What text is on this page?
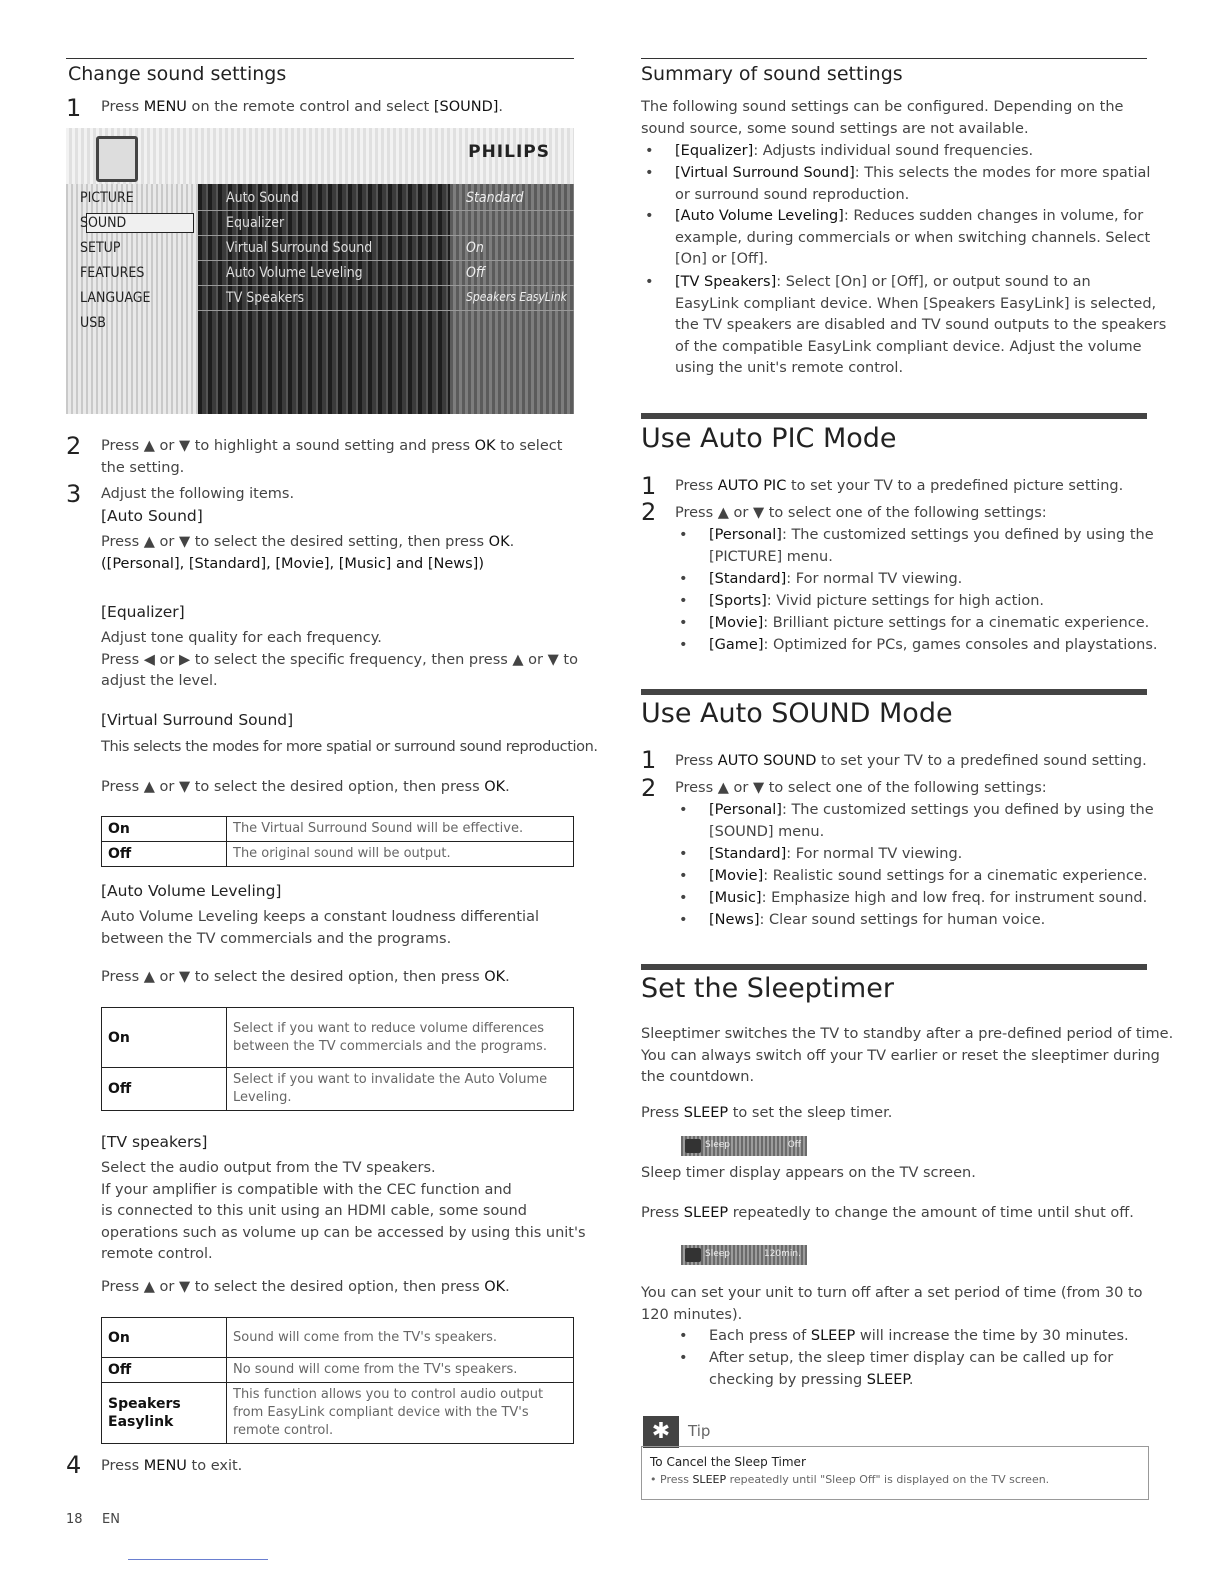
Change sound settings
1 Press MENU on the remote control and select [SOUND].
PHILIPS
PICTURE
SOUND
SETUP
FEATURES
LANGUAGE
USB
Auto Sound
Equalizer
Virtual Surround Sound
Auto Volume Leveling
TV Speakers
Standard
On
Off
Speakers EasyLink
2 Press ▲ or ▼ to highlight a sound setting and press OK to select
the setting.
3 Adjust the following items.
[Auto Sound]
Press ▲ or ▼ to select the desired setting, then press OK.
([Personal], [Standard], [Movie], [Music] and [News])
[Equalizer]
Adjust tone quality for each frequency.
Press ◀ or ▶ to select the specific frequency, then press ▲ or ▼ to
adjust the level.
[Virtual Surround Sound]
This selects the modes for more spatial or surround sound reproduction.
Press ▲ or ▼ to select the desired option, then press OK.
On	The Virtual Surround Sound will be effective.
Off	The original sound will be output.
[Auto Volume Leveling]
Auto Volume Leveling keeps a constant loudness differential
between the TV commercials and the programs.
Press ▲ or ▼ to select the desired option, then press OK.
On	Select if you want to reduce volume differences between the TV commercials and the programs.
Off	Select if you want to invalidate the Auto Volume Leveling.
[TV speakers]
Select the audio output from the TV speakers.
If your amplifier is compatible with the CEC function and
is connected to this unit using an HDMI cable, some sound
operations such as volume up can be accessed by using this unit's
remote control.
Press ▲ or ▼ to select the desired option, then press OK.
On	Sound will come from the TV's speakers.
Off	No sound will come from the TV's speakers.
Speakers Easylink	This function allows you to control audio output from EasyLink compliant device with the TV's remote control.
4 Press MENU to exit.
18 EN
Summary of sound settings
The following sound settings can be configured. Depending on the
sound source, some sound settings are not available.
• [Equalizer]: Adjusts individual sound frequencies.
• [Virtual Surround Sound]: This selects the modes for more spatial
or surround sound reproduction.
• [Auto Volume Leveling]: Reduces sudden changes in volume, for
example, during commercials or when switching channels. Select
[On] or [Off].
• [TV Speakers]: Select [On] or [Off], or output sound to an
EasyLink compliant device. When [Speakers EasyLink] is selected,
the TV speakers are disabled and TV sound outputs to the speakers
of the compatible EasyLink compliant device. Adjust the volume
using the unit's remote control.
Use Auto PIC Mode
1 Press AUTO PIC to set your TV to a predefined picture setting.
2 Press ▲ or ▼ to select one of the following settings:
• [Personal]: The customized settings you defined by using the
[PICTURE] menu.
• [Standard]: For normal TV viewing.
• [Sports]: Vivid picture settings for high action.
• [Movie]: Brilliant picture settings for a cinematic experience.
• [Game]: Optimized for PCs, games consoles and playstations.
Use Auto SOUND Mode
1 Press AUTO SOUND to set your TV to a predefined sound setting.
2 Press ▲ or ▼ to select one of the following settings:
• [Personal]: The customized settings you defined by using the
[SOUND] menu.
• [Standard]: For normal TV viewing.
• [Movie]: Realistic sound settings for a cinematic experience.
• [Music]: Emphasize high and low freq. for instrument sound.
• [News]: Clear sound settings for human voice.
Set the Sleeptimer
Sleeptimer switches the TV to standby after a pre-defined period of time.
You can always switch off your TV earlier or reset the sleeptimer during
the countdown.
Press SLEEP to set the sleep timer.
Sleep	Off
Sleep timer display appears on the TV screen.
Press SLEEP repeatedly to change the amount of time until shut off.
Sleep	120min.
You can set your unit to turn off after a set period of time (from 30 to
120 minutes).
• Each press of SLEEP will increase the time by 30 minutes.
• After setup, the sleep timer display can be called up for
checking by pressing SLEEP.
✱	Tip
To Cancel the Sleep Timer
• Press SLEEP repeatedly until "Sleep Off" is displayed on the TV screen.
